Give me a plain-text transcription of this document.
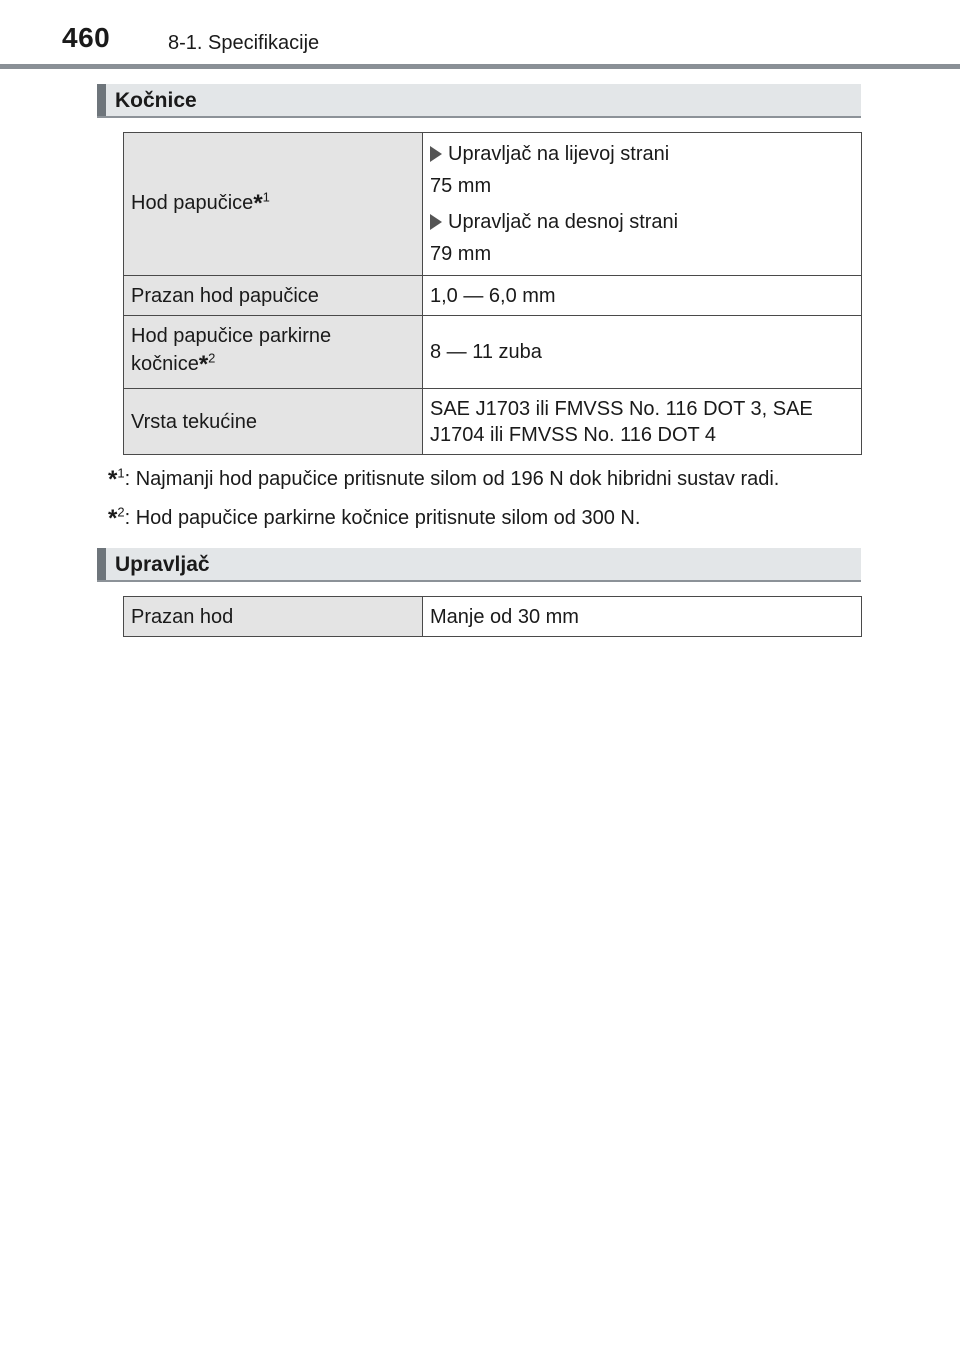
460	8-1. Specifikacije
Kočnice
Hod papučice*$^1$	Upravljač na lijevoj strani
75 mm
Upravljač na desnoj strani
79 mm

Prazan hod papučice	1,0 — 6,0 mm

Hod papučice parkirne
kočnice*$^2$	8 — 11 zuba
Vrsta tekućine	SAE J1703 ili FMVSS No. 116 DOT 3, SAE
J1704 ili FMVSS No. 116 DOT 4
*$^1$: Najmanji hod papučice pritisnute silom od 196 N dok hibridni sustav radi.
*$^2$: Hod papučice parkirne kočnice pritisnute silom od 300 N.
Upravljač
Prazan hod	Manje od 30 mm
